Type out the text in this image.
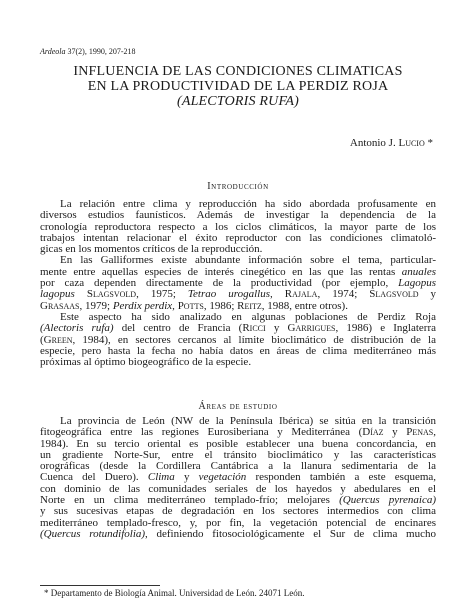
Ardeola 37(2), 1990, 207-218
INFLUENCIA DE LAS CONDICIONES CLIMATICAS
EN LA PRODUCTIVIDAD DE LA PERDIZ ROJA
(ALECTORIS RUFA)
Antonio J. Lucio *
Introducción
La relación entre clima y reproducción ha sido abordada profusamente en
diversos estudios faunísticos. Además de investigar la dependencia de la
cronología reproductora respecto a los ciclos climáticos, la mayor parte de los
trabajos intentan relacionar el éxito reproductor con las condiciones climatoló-
gicas en los momentos críticos de la reproducción.
En las Galliformes existe abundante información sobre el tema, particular-
mente entre aquellas especies de interés cinegético en las que las rentas anuales
por caza dependen directamente de la productividad (por ejemplo, Lagopus
lagopus Slagsvold, 1975; Tetrao urogallus, Rajala, 1974; Slagsvold y
Grasaas, 1979; Perdix perdix, Potts, 1986; Reitz, 1988, entre otros).
Este aspecto ha sido analizado en algunas poblaciones de Perdiz Roja
(Alectoris rufa) del centro de Francia (Ricci y Garrigues, 1986) e Inglaterra
(Green, 1984), en sectores cercanos al límite bioclimático de distribución de la
especie, pero hasta la fecha no había datos en áreas de clima mediterráneo más
próximas al óptimo biogeográfico de la especie.
Áreas de estudio
La provincia de León (NW de la Península Ibérica) se sitúa en la transición
fitogeográfica entre las regiones Eurosiberiana y Mediterránea (Díaz y Penas,
1984). En su tercio oriental es posible establecer una buena concordancia, en
un gradiente Norte-Sur, entre el tránsito bioclimático y las características
orográficas (desde la Cordillera Cantábrica a la llanura sedimentaria de la
Cuenca del Duero). Clima y vegetación responden también a este esquema,
con dominio de las comunidades seriales de los hayedos y abedulares en el
Norte en un clima mediterráneo templado-frío; melojares (Quercus pyrenaica)
y sus sucesivas etapas de degradación en los sectores intermedios con clima
mediterráneo templado-fresco, y, por fin, la vegetación potencial de encinares
(Quercus rotundifolia), definiendo fitosociológicamente el Sur de clima mucho
* Departamento de Biología Animal. Universidad de León. 24071 León.
